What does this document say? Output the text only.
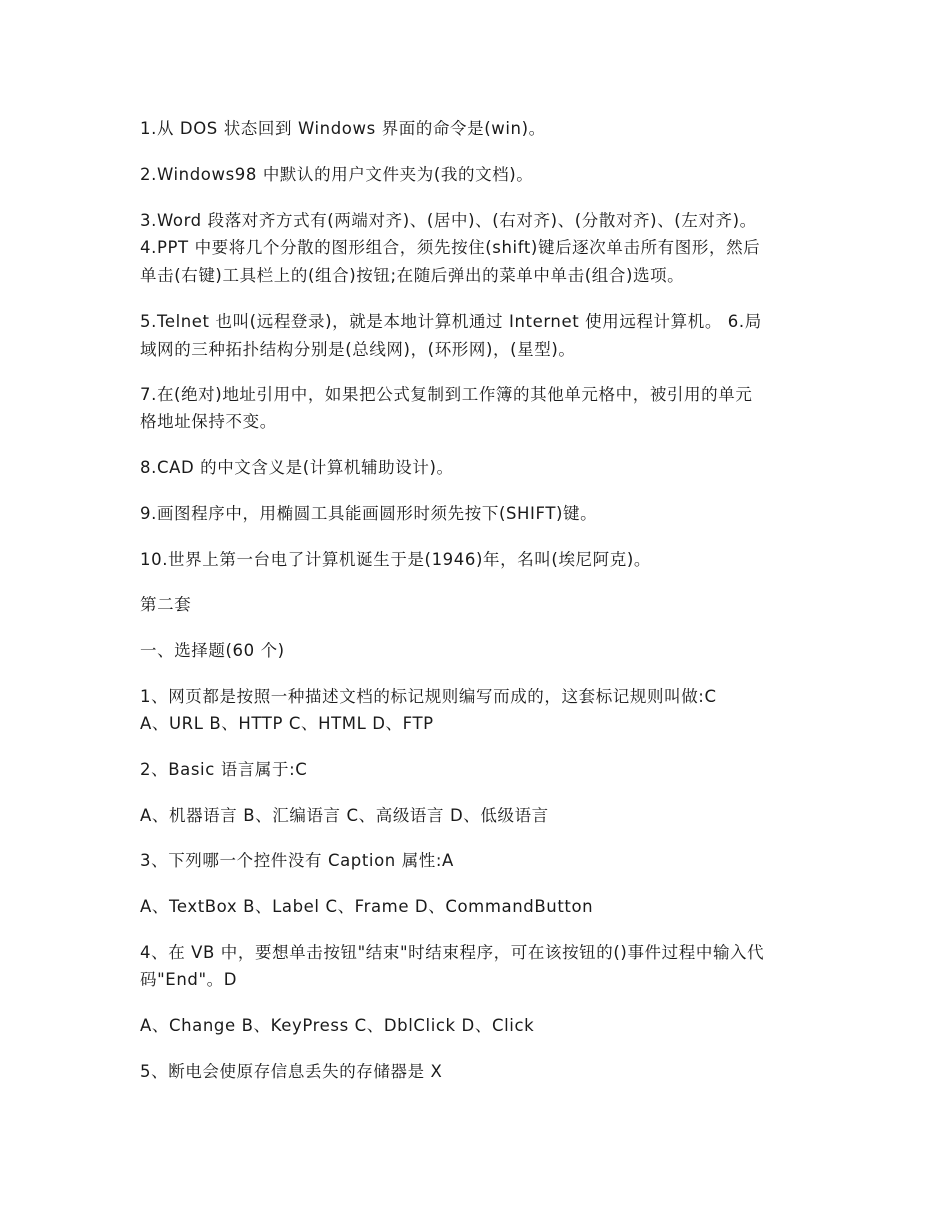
1.从 DOS 状态回到 Windows 界面的命令是(win)。

2.Windows98 中默认的用户文件夹为(我的文档)。

3.Word 段落对齐方式有(两端对齐)、(居中)、(右对齐)、(分散对齐)、(左对齐)。

4.PPT 中要将几个分散的图形组合，须先按住(shift)键后逐次单击所有图形，然后

单击(右键)工具栏上的(组合)按钮;在随后弹出的菜单中单击(组合)选项。

5.Telnet 也叫(远程登录)，就是本地计算机通过 Internet 使用远程计算机。 6.局

域网的三种拓扑结构分别是(总线网)，(环形网)，(星型)。

7.在(绝对)地址引用中，如果把公式复制到工作簿的其他单元格中，被引用的单元

格地址保持不变。

8.CAD 的中文含义是(计算机辅助设计)。

9.画图程序中，用椭圆工具能画圆形时须先按下(SHIFT)键。

10.世界上第一台电了计算机诞生于是(1946)年，名叫(埃尼阿克)。

第二套

一、选择题(60 个)

1、网页都是按照一种描述文档的标记规则编写而成的，这套标记规则叫做:C

A、URL B、HTTP C、HTML D、FTP

2、Basic 语言属于:C

A、机器语言 B、汇编语言 C、高级语言 D、低级语言

3、下列哪一个控件没有 Caption 属性:A

A、TextBox B、Label C、Frame D、CommandButton

4、在 VB 中，要想单击按钮"结束"时结束程序，可在该按钮的()事件过程中输入代

码"End"。D

A、Change B、KeyPress C、DblClick D、Click

5、断电会使原存信息丢失的存储器是 X
